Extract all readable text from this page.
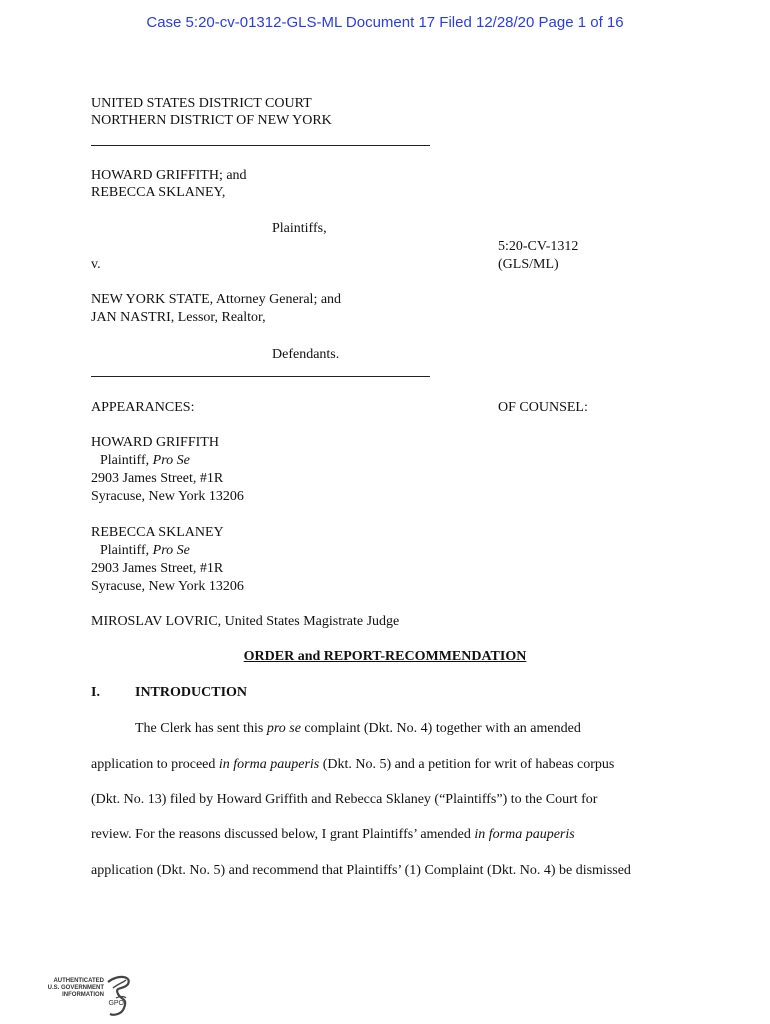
Case 5:20-cv-01312-GLS-ML Document 17 Filed 12/28/20 Page 1 of 16
UNITED STATES DISTRICT COURT
NORTHERN DISTRICT OF NEW YORK
HOWARD GRIFFITH; and
REBECCA SKLANEY,
Plaintiffs,
5:20-CV-1312
v.	(GLS/ML)
NEW YORK STATE, Attorney General; and
JAN NASTRI, Lessor, Realtor,
Defendants.
APPEARANCES:	OF COUNSEL:
HOWARD GRIFFITH
Plaintiff, Pro Se
2903 James Street, #1R
Syracuse, New York 13206
REBECCA SKLANEY
Plaintiff, Pro Se
2903 James Street, #1R
Syracuse, New York 13206
MIROSLAV LOVRIC, United States Magistrate Judge
ORDER and REPORT-RECOMMENDATION
I.	INTRODUCTION
The Clerk has sent this pro se complaint (Dkt. No. 4) together with an amended
application to proceed in forma pauperis (Dkt. No. 5) and a petition for writ of habeas corpus
(Dkt. No. 13) filed by Howard Griffith and Rebecca Sklaney (“Plaintiffs”) to the Court for
review. For the reasons discussed below, I grant Plaintiffs’ amended in forma pauperis
application (Dkt. No. 5) and recommend that Plaintiffs’ (1) Complaint (Dkt. No. 4) be dismissed
AUTHENTICATED
U.S. GOVERNMENT
INFORMATION
GPO
